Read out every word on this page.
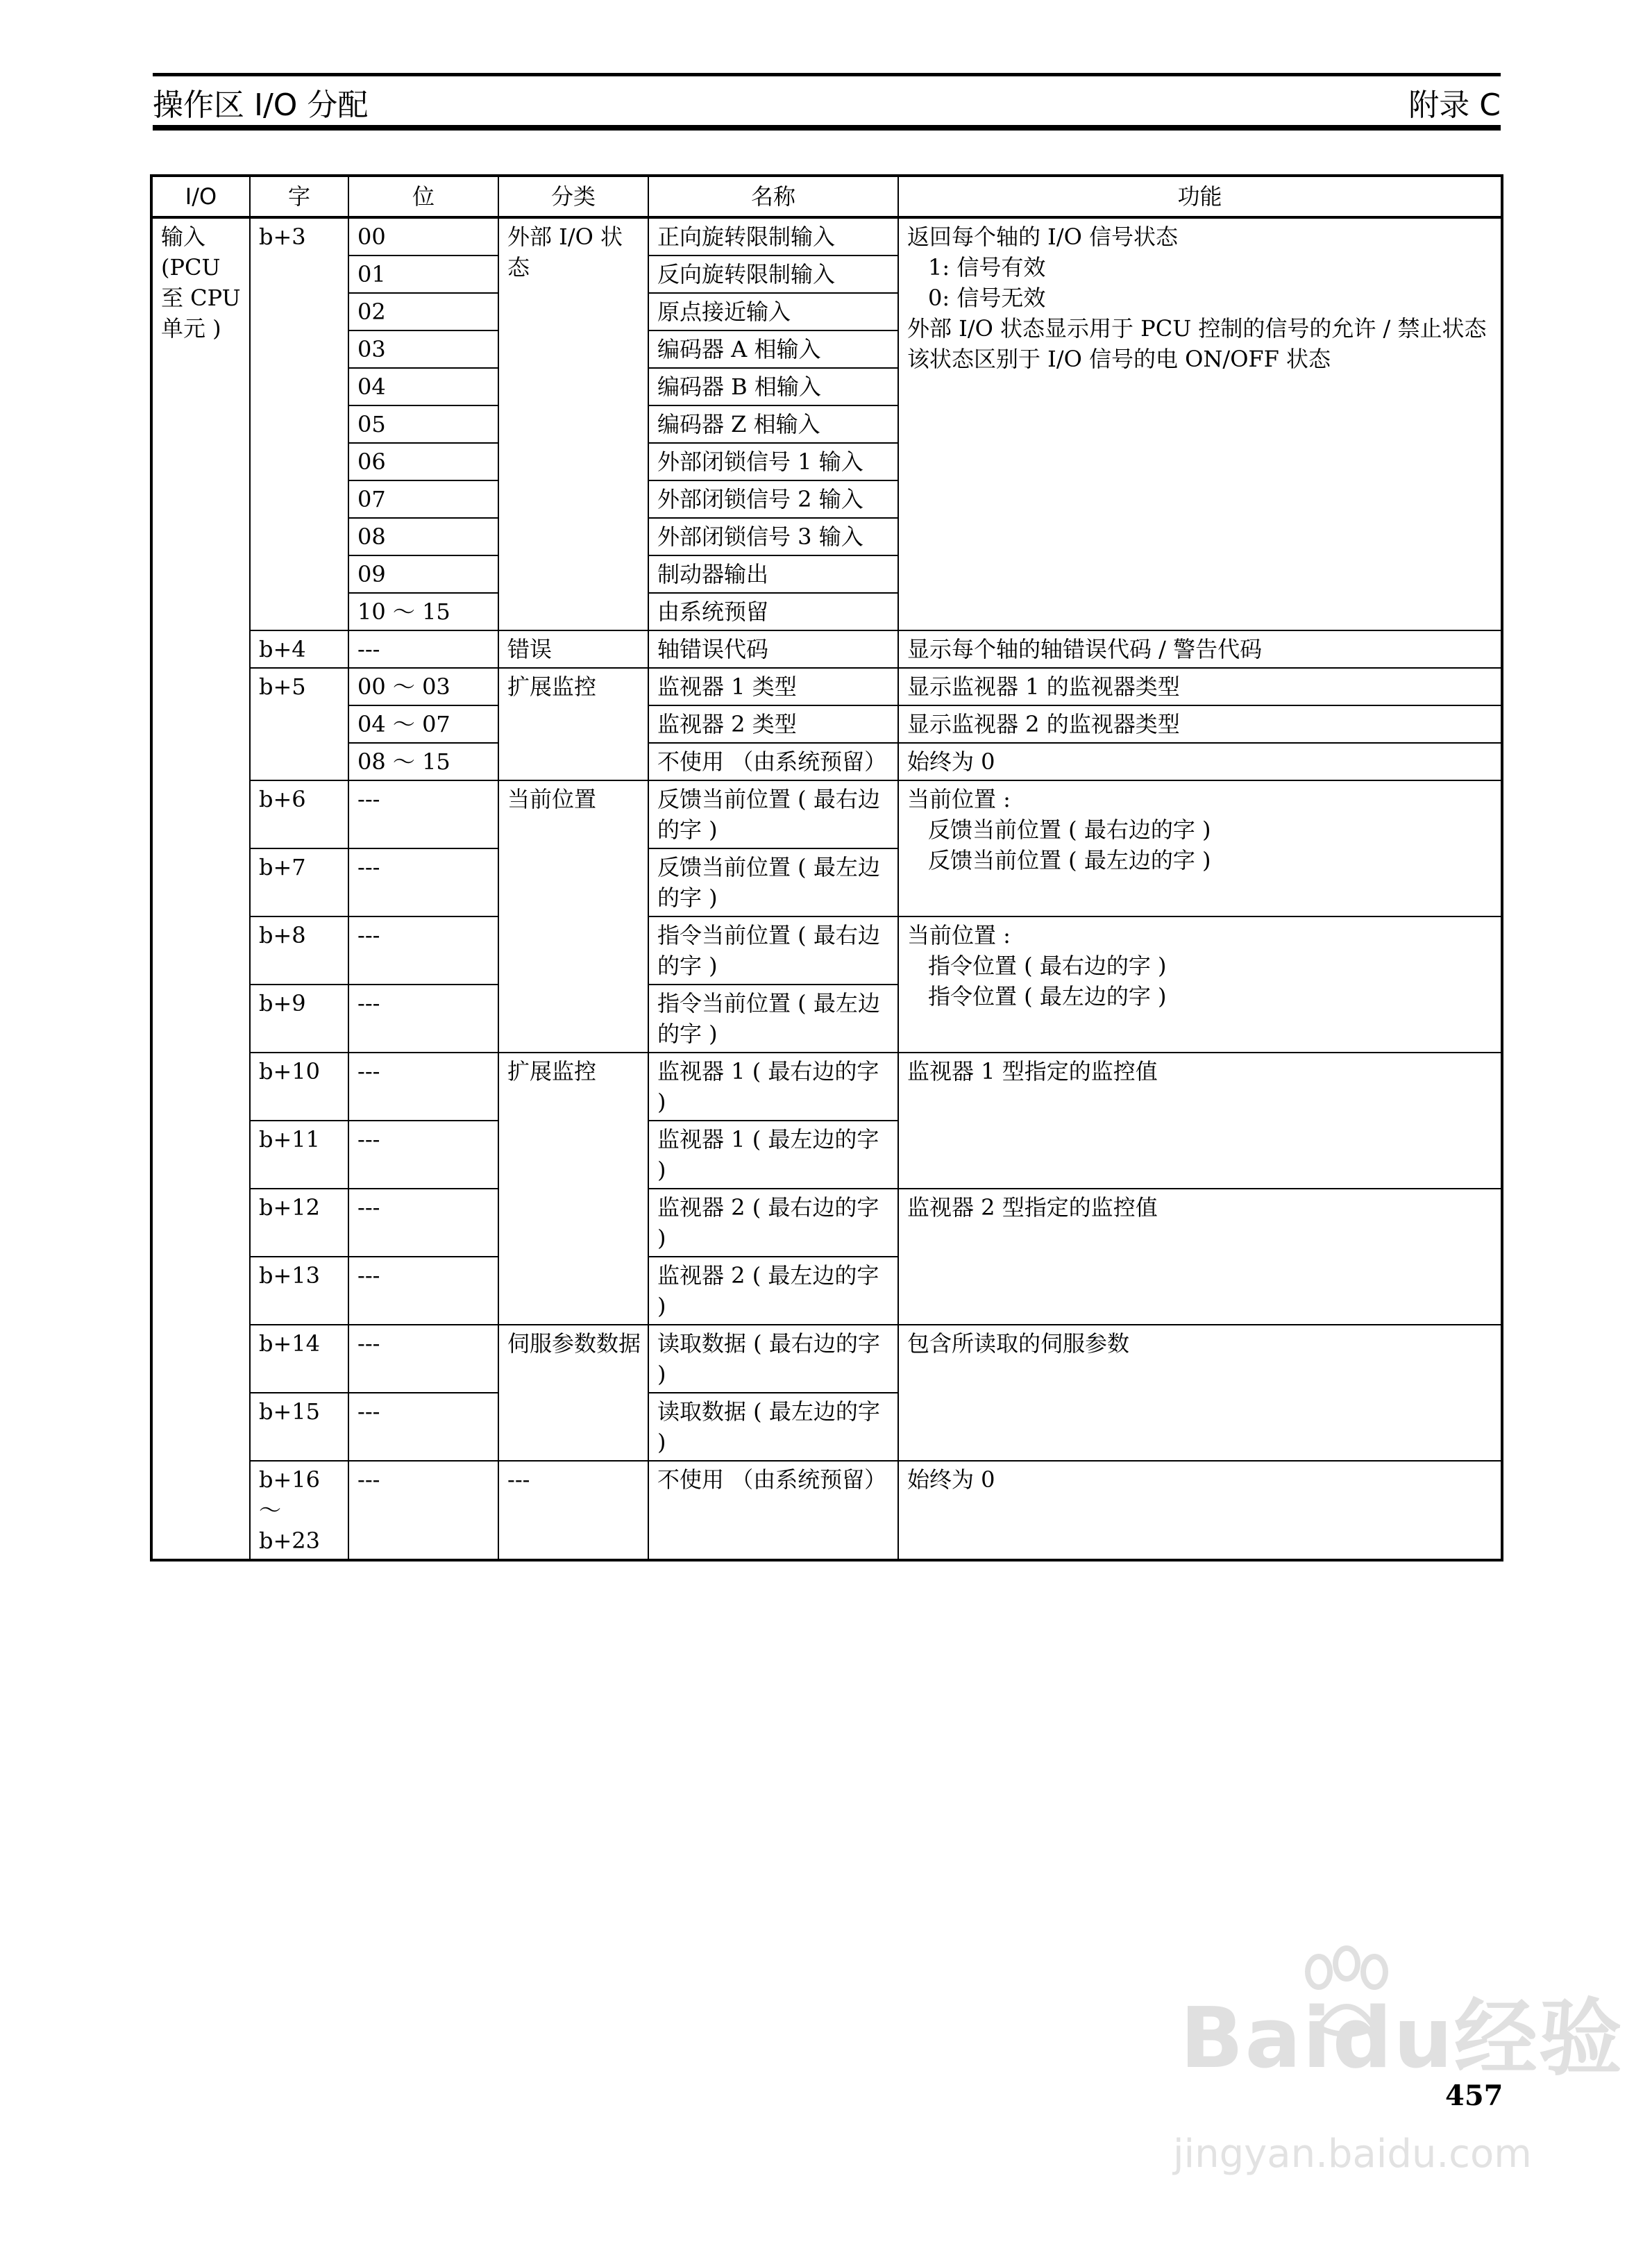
操作区 I/O 分配	附录 C
I/O	字	位	分类	名称	功能
输入 (PCU 至 CPU 单元 )	b+3	00	外部 I/O 状态	正向旋转限制输入	返回每个轴的 I/O 信号状态

1: 信号有效
0: 信号无效
外部 I/O 状态显示用于 PCU 控制的信号的允许 / 禁止状态
该状态区别于 I/O 信号的电 ON/OFF 状态
		01		反向旋转限制输入	
		02		原点接近输入	
		03		编码器 A 相输入	
		04		编码器 B 相输入	
		05		编码器 Z 相输入	
		06		外部闭锁信号 1 输入	
		07		外部闭锁信号 2 输入	
		08		外部闭锁信号 3 输入	
		09		制动器输出	
		10 ～ 15		由系统预留	
	b+4	---	错误	轴错误代码	显示每个轴的轴错误代码 / 警告代码
	b+5	00 ～ 03	扩展监控	监视器 1 类型	显示监视器 1 的监视器类型
		04 ～ 07		监视器 2 类型	显示监视器 2 的监视器类型
		08 ～ 15		不使用 （由系统预留）	始终为 0
	b+6	---	当前位置	反馈当前位置 ( 最右边的字 )	当前位置 :
反馈当前位置 ( 最右边的字 )
反馈当前位置 ( 最左边的字 )

	b+7	---		反馈当前位置 ( 最左边的字 )	
	b+8	---		指令当前位置 ( 最右边的字 )	当前位置 :
指令位置 ( 最右边的字 )
指令位置 ( 最左边的字 )

	b+9	---		指令当前位置 ( 最左边的字 )	
	b+10	---	扩展监控	监视器 1 ( 最右边的字 )	监视器 1 型指定的监控值
	b+11	---		监视器 1 ( 最左边的字 )	
	b+12	---		监视器 2 ( 最右边的字 )	监视器 2 型指定的监控值
	b+13	---		监视器 2 ( 最左边的字 )	
	b+14	---	伺服参数数据	读取数据 ( 最右边的字 )	包含所读取的伺服参数
	b+15	---		读取数据 ( 最左边的字 )	
	b+16 ～ b+23	---	---	不使用 （由系统预留）	始终为 0
Baidu经验
457
jingyan.baidu.com
